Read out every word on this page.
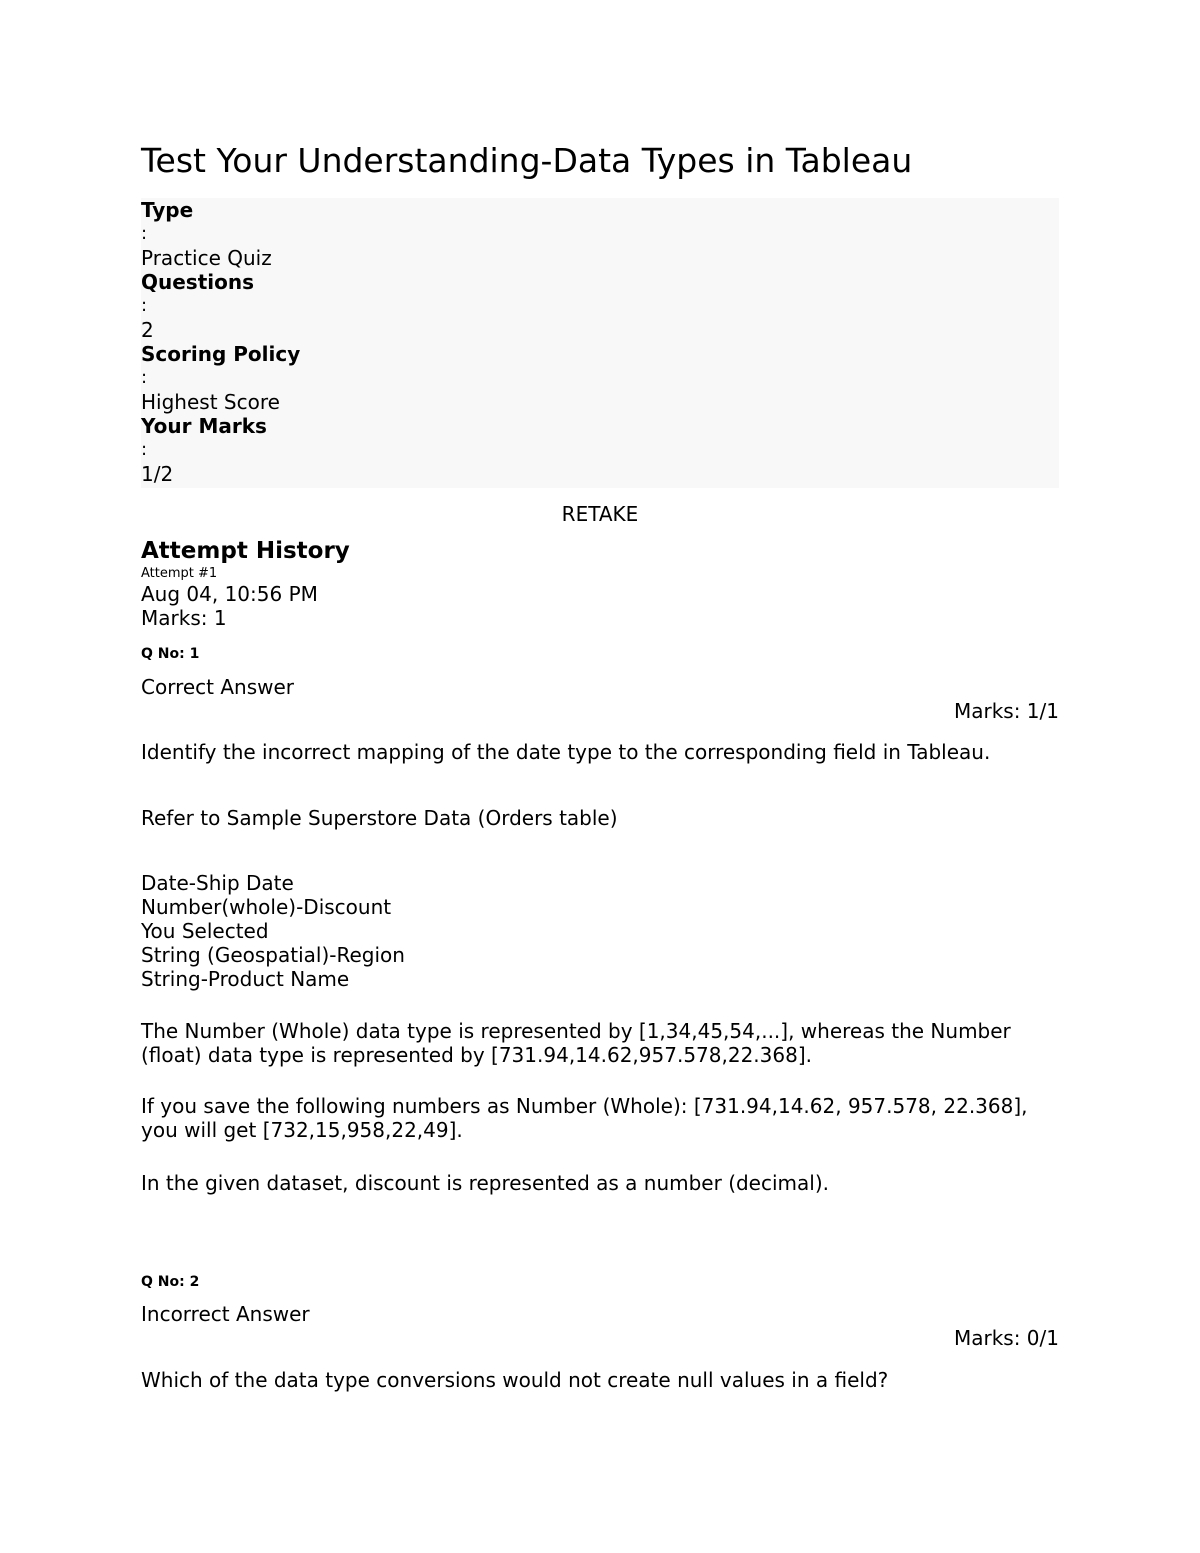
Test Your Understanding-Data Types in Tableau
Type
:
Practice Quiz
Questions
:
2
Scoring Policy
:
Highest Score
Your Marks
:
1/2
RETAKE
Attempt History
Attempt #1
Aug 04, 10:56 PM
Marks: 1
Q No: 1
Correct Answer
Marks: 1/1
Identify the incorrect mapping of the date type to the corresponding field in Tableau.
Refer to Sample Superstore Data (Orders table)
Date-Ship Date
Number(whole)-Discount
You Selected
String (Geospatial)-Region
String-Product Name
The Number (Whole) data type is represented by [1,34,45,54,...], whereas the Number (float) data type is represented by [731.94,14.62,957.578,22.368].
If you save the following numbers as Number (Whole): [731.94,14.62, 957.578, 22.368], you will get [732,15,958,22,49].
In the given dataset, discount is represented as a number (decimal).
Q No: 2
Incorrect Answer
Marks: 0/1
Which of the data type conversions would not create null values in a field?
